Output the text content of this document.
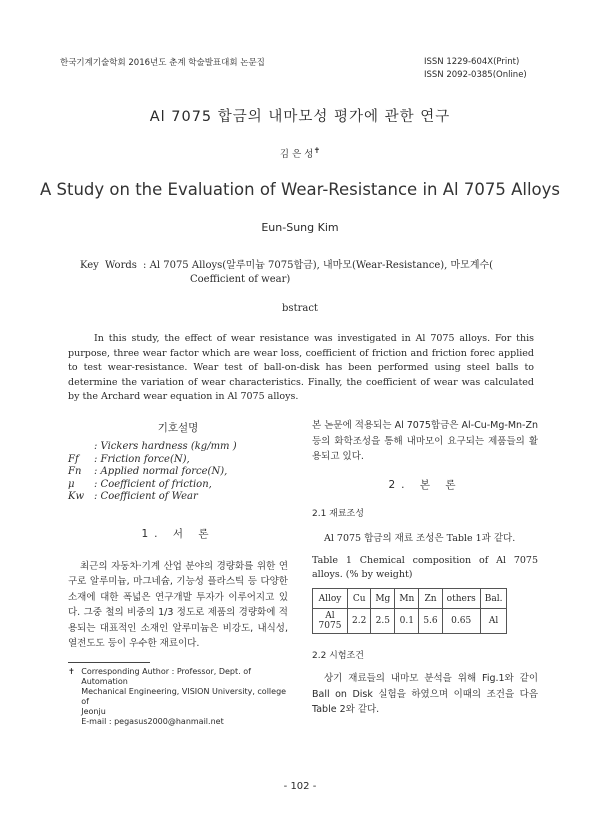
한국기계기술학회 2016년도 춘계 학술발표대회 논문집	ISSN 1229-604X(Print)
ISSN 2092-0385(Online)
Al 7075 합금의 내마모성 평가에 관한 연구
김 은 성✝
A Study on the Evaluation of Wear-Resistance in Al 7075 Alloys
Eun-Sung Kim
Key Words : Al 7075 Alloys(알루미늄 7075합금), 내마모(Wear-Resistance), 마모계수(
Coefficient of wear)
bstract

In this study, the effect of wear resistance was investigated in Al 7075 alloys. For this purpose, three wear factor which are wear loss, coefficient of friction and friction forec applied to test wear-resistance. Wear test of ball-on-disk has been performed using steel balls to determine the variation of wear characteristics. Finally, the coefficient of wear was calculated by the Archard wear equation in Al 7075 alloys.

기호설명
: Vickers hardness (kg/mm )
Ff	: Friction force(N),
Fn	: Applied normal force(N),
μ	: Coefficient of friction,
Kw : Coefficient of Wear
1. 서 론
최근의 자동차·기계 산업 분야의 경량화를 위한 연구로 알루미늄, 마그네슘, 기능성 플라스틱 등 다양한 소재에 대한 폭넓은 연구개발 투자가 이루어지고 있다. 그중 철의 비중의 1/3 정도로 제품의 경량화에 적용되는 대표적인 소재인 알루미늄은 비강도, 내식성, 열전도도 등이 우수한 재료이다.
✝ Corresponding Author : Professor, Dept. of Automation
Mechanical Engineering, VISION University, college of
Jeonju
E-mail : pegasus2000@hanmail.net
본 논문에 적용되는 Al 7075합금은 Al-Cu-Mg-Mn-Zn 등의 화학조성을 통해 내마모이 요구되는 제품들의 활용되고 있다.
2. 본 론
2.1 재료조성
Al 7075 합금의 재료 조성은 Table 1과 같다.
Table 1 Chemical composition of Al 7075 alloys. (% by weight)
Alloy	Cu	Mg	Mn	Zn	others	Bal.
Al 7075	2.2	2.5	0.1	5.6	0.65	Al
2.2 시험조건
상기 재료들의 내마모 분석을 위해 Fig.1와 같이 Ball on Disk 실험을 하였으며 이때의 조건을 다음 Table 2와 같다.
- 102 -
